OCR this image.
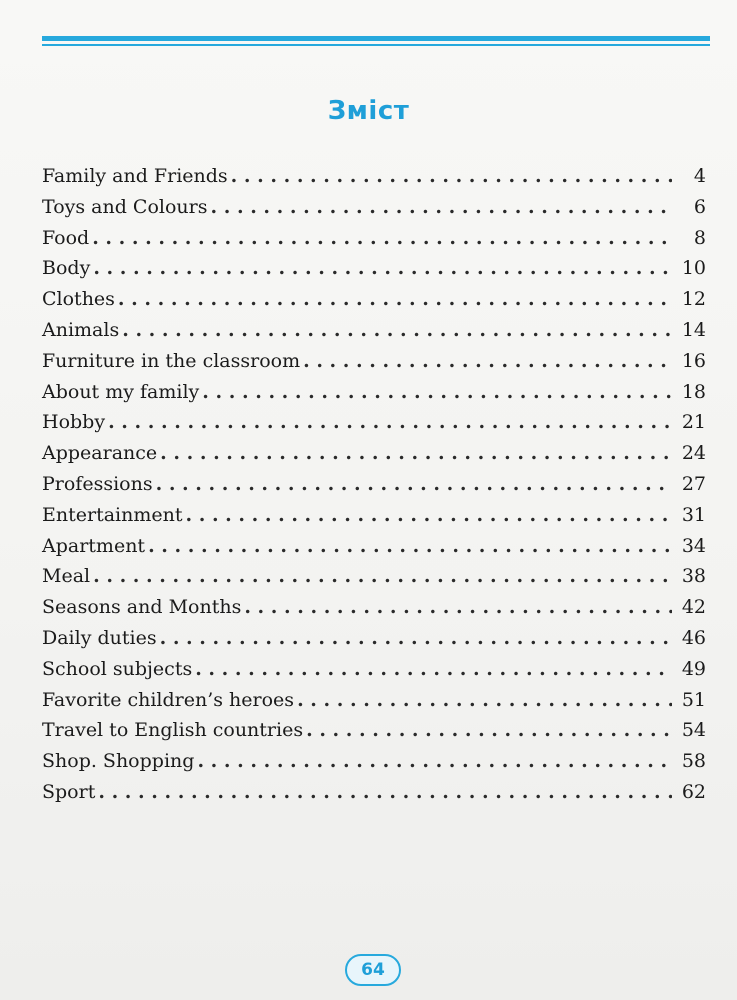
Зміст
Family and Friends . . .	4
Toys and Colours . . .	6
Food . . .	8
Body . . .	10
Clothes . . .	12
Animals . . .	14
Furniture in the classroom . . .	16
About my family . . .	18
Hobby . . .	21
Appearance . . .	24
Professions . . .	27
Entertainment . . .	31
Apartment . . .	34
Meal . . .	38
Seasons and Months . . .	42
Daily duties . . .	46
School subjects . . .	49
Favorite children’s heroes . . .	51
Travel to English countries . . .	54
Shop. Shopping . . .	58
Sport . . .	62
64
